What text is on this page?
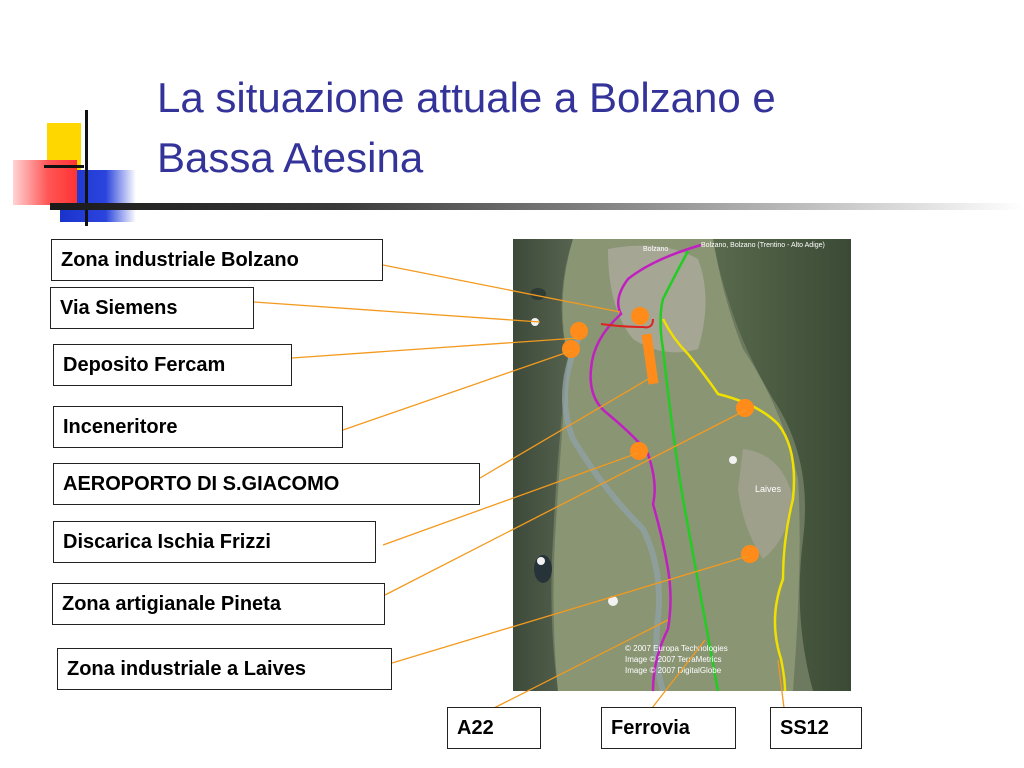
La situazione attuale a Bolzano e
Bassa Atesina
Bolzano, Bolzano (Trentino - Alto Adige)
Bolzano
Laives
© 2007 Europa Technologies
Image © 2007 TerraMetrics
Image © 2007 DigitalGlobe
Zona industriale Bolzano
Via Siemens
Deposito Fercam
Inceneritore
AEROPORTO DI S.GIACOMO
Discarica Ischia Frizzi
Zona artigianale Pineta
Zona industriale a Laives
A22	Ferrovia	SS12
